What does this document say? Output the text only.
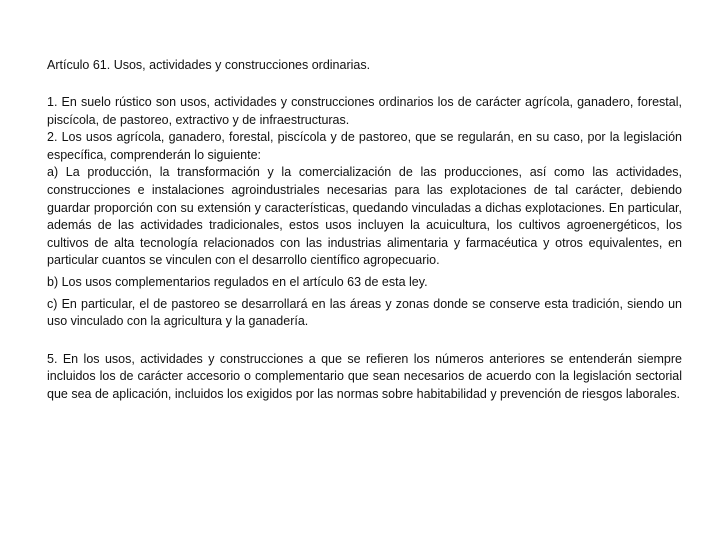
Artículo 61. Usos, actividades y construcciones ordinarias.

1. En suelo rústico son usos, actividades y construcciones ordinarios los de carácter agrícola, ganadero, forestal, piscícola, de pastoreo, extractivo y de infraestructuras.

2. Los usos agrícola, ganadero, forestal, piscícola y de pastoreo, que se regularán, en su caso, por la legislación específica, comprenderán lo siguiente:

a) La producción, la transformación y la comercialización de las producciones, así como las actividades, construcciones e instalaciones agroindustriales necesarias para las explotaciones de tal carácter, debiendo guardar proporción con su extensión y características, quedando vinculadas a dichas explotaciones. En particular, además de las actividades tradicionales, estos usos incluyen la acuicultura, los cultivos agroenergéticos, los cultivos de alta tecnología relacionados con las industrias alimentaria y farmacéutica y otros equivalentes, en particular cuantos se vinculen con el desarrollo científico agropecuario.

b) Los usos complementarios regulados en el artículo 63 de esta ley.

c) En particular, el de pastoreo se desarrollará en las áreas y zonas donde se conserve esta tradición, siendo un uso vinculado con la agricultura y la ganadería.

5. En los usos, actividades y construcciones a que se refieren los números anteriores se entenderán siempre incluidos los de carácter accesorio o complementario que sean necesarios de acuerdo con la legislación sectorial que sea de aplicación, incluidos los exigidos por las normas sobre habitabilidad y prevención de riesgos laborales.
